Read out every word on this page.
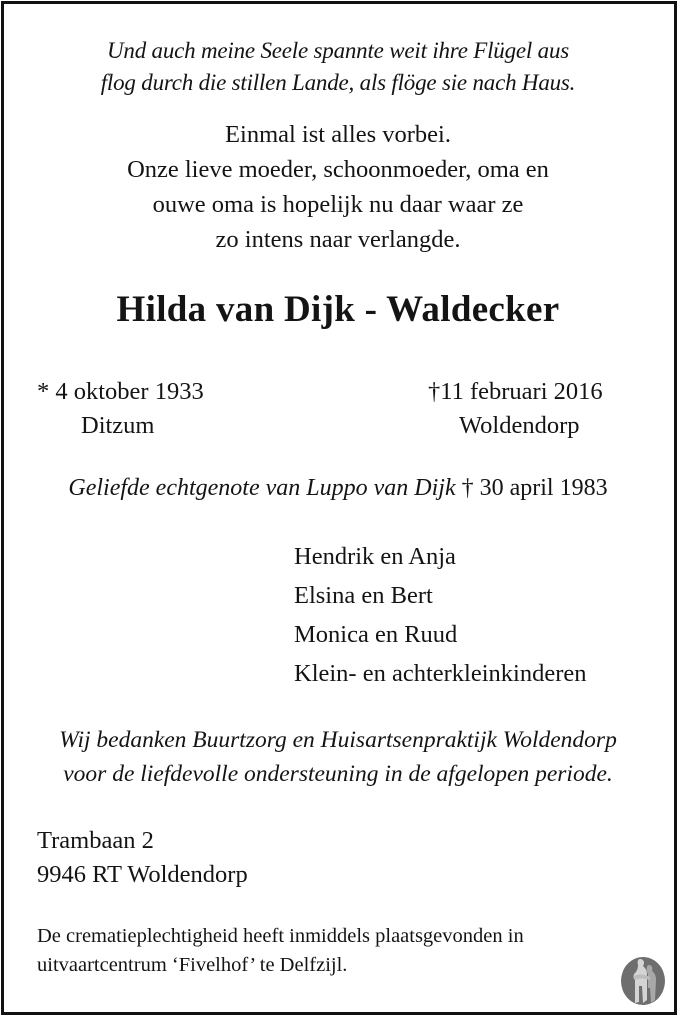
Und auch meine Seele spannte weit ihre Flügel aus
flog durch die stillen Lande, als flöge sie nach Haus.
Einmal ist alles vorbei.
Onze lieve moeder, schoonmoeder, oma en
ouwe oma is hopelijk nu daar waar ze
zo intens naar verlangde.
Hilda van Dijk - Waldecker
* 4 oktober 1933
Ditzum
†11 februari 2016
Woldendorp
Geliefde echtgenote van Luppo van Dijk † 30 april 1983
Hendrik en Anja
Elsina en Bert
Monica en Ruud
Klein- en achterkleinkinderen
Wij bedanken Buurtzorg en Huisartsenpraktijk Woldendorp
voor de liefdevolle ondersteuning in de afgelopen periode.
Trambaan 2
9946 RT Woldendorp
De crematieplechtigheid heeft inmiddels plaatsgevonden in
uitvaartcentrum ‘Fivelhof’ te Delfzijl.
